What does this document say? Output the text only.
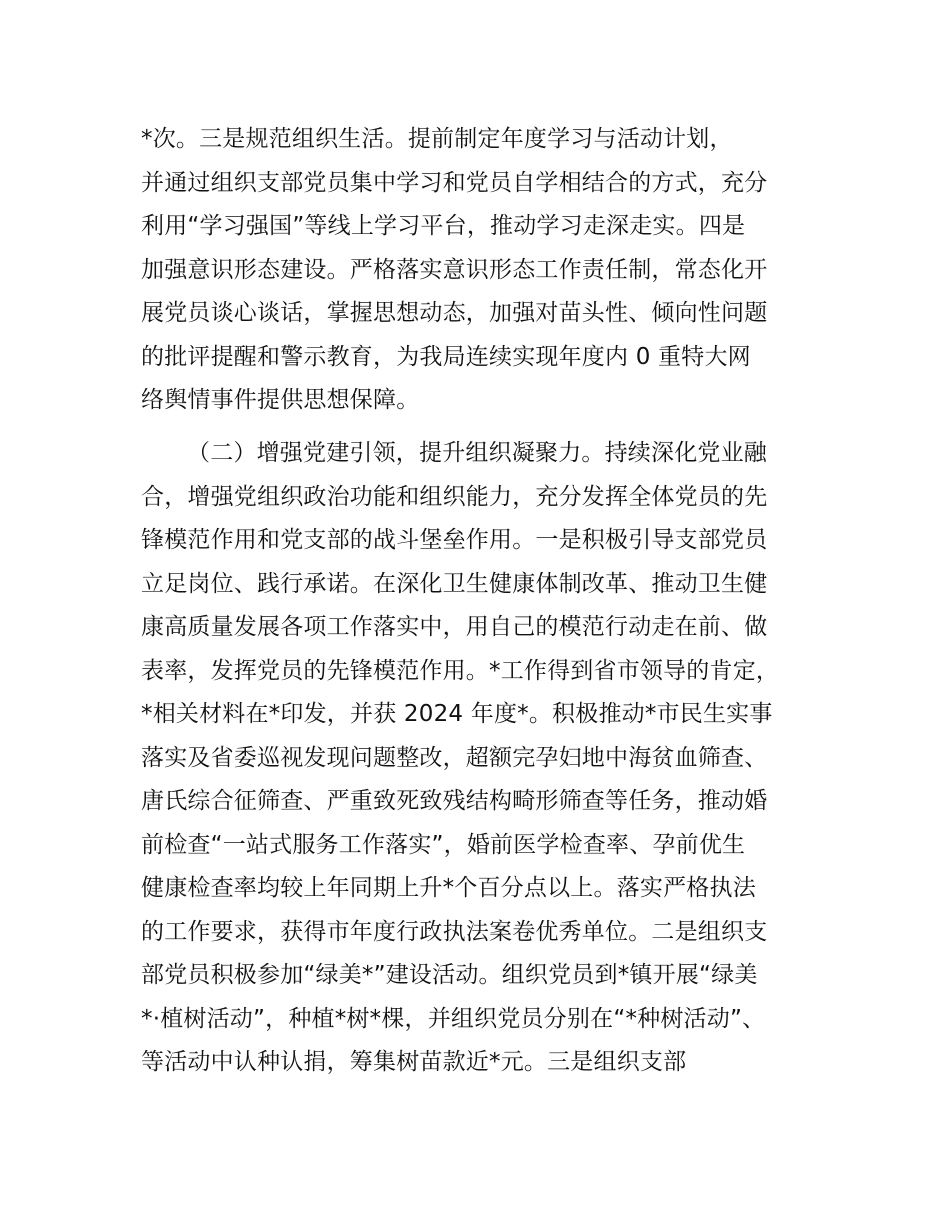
*次。三是规范组织生活。提前制定年度学习与活动计划，
并通过组织支部党员集中学习和党员自学相结合的方式，充分
利用“学习强国”等线上学习平台，推动学习走深走实。四是
加强意识形态建设。严格落实意识形态工作责任制，常态化开
展党员谈心谈话，掌握思想动态，加强对苗头性、倾向性问题
的批评提醒和警示教育，为我局连续实现年度内 0 重特大网
络舆情事件提供思想保障。
（二）增强党建引领，提升组织凝聚力。持续深化党业融
合，增强党组织政治功能和组织能力，充分发挥全体党员的先
锋模范作用和党支部的战斗堡垒作用。一是积极引导支部党员
立足岗位、践行承诺。在深化卫生健康体制改革、推动卫生健
康高质量发展各项工作落实中，用自己的模范行动走在前、做
表率，发挥党员的先锋模范作用。*工作得到省市领导的肯定，
*相关材料在*印发，并获 2024 年度*。积极推动*市民生实事
落实及省委巡视发现问题整改，超额完孕妇地中海贫血筛查、
唐氏综合征筛查、严重致死致残结构畸形筛查等任务，推动婚
前检查“一站式服务工作落实”，婚前医学检查率、孕前优生
健康检查率均较上年同期上升*个百分点以上。落实严格执法
的工作要求，获得市年度行政执法案卷优秀单位。二是组织支
部党员积极参加“绿美*”建设活动。组织党员到*镇开展“绿美
*·植树活动”，种植*树*棵，并组织党员分别在“*种树活动”、
等活动中认种认捐，筹集树苗款近*元。三是组织支部
